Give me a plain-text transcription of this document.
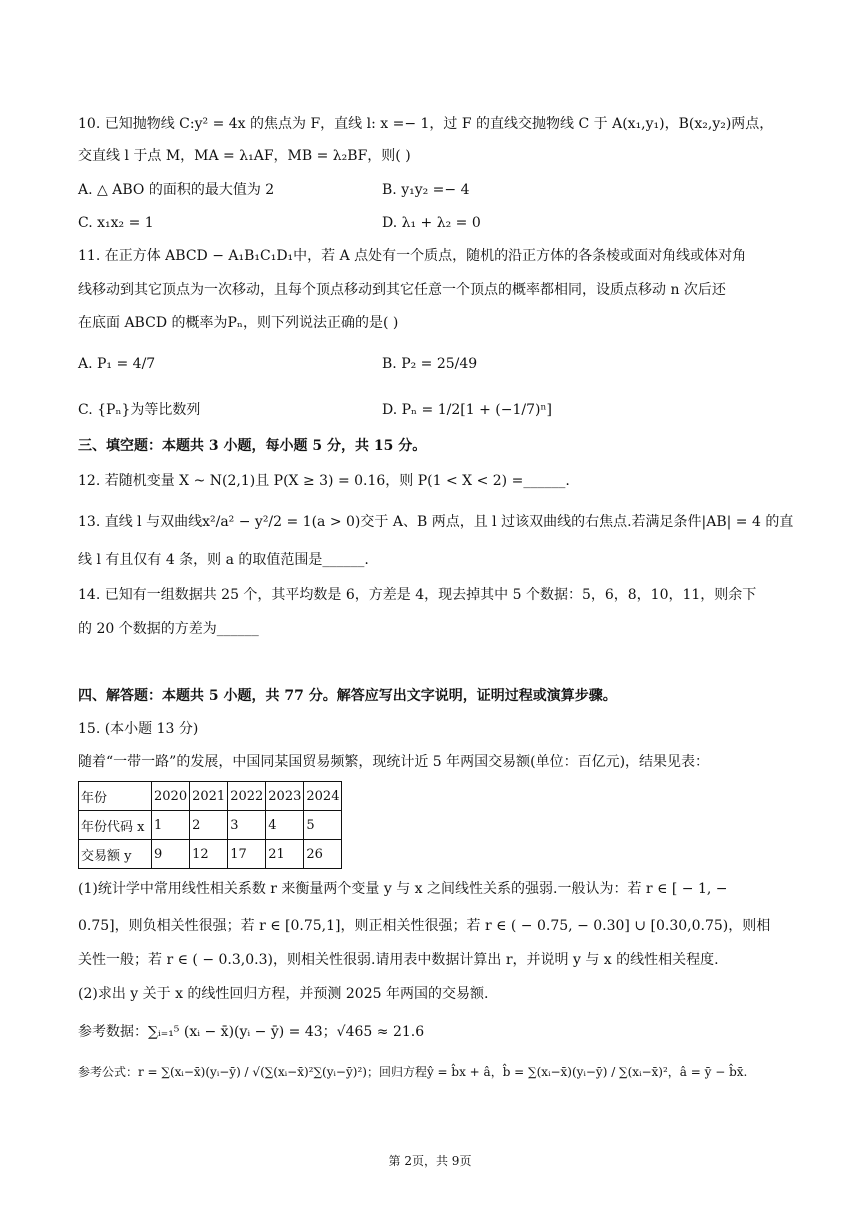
10. 已知抛物线 C:y² = 4x 的焦点为 F，直线 l: x =− 1，过 F 的直线交抛物线 C 于 A(x₁,y₁)，B(x₂,y₂)两点，
交直线 l 于点 M，MA = λ₁AF，MB = λ₂BF，则( )
A. △ ABO 的面积的最大值为 2	B. y₁y₂ =− 4
C. x₁x₂ = 1	D. λ₁ + λ₂ = 0
11. 在正方体 ABCD − A₁B₁C₁D₁中，若 A 点处有一个质点，随机的沿正方体的各条棱或面对角线或体对角
线移动到其它顶点为一次移动，且每个顶点移动到其它任意一个顶点的概率都相同，设质点移动 n 次后还
在底面 ABCD 的概率为Pₙ，则下列说法正确的是( )
A. P₁ = 4/7	B. P₂ = 25/49
C. {Pₙ}为等比数列	D. Pₙ = 1/2[1 + (−1/7)ⁿ]
三、填空题：本题共 3 小题，每小题 5 分，共 15 分。
12. 若随机变量 X ~ N(2,1)且 P(X ≥ 3) = 0.16，则 P(1 < X < 2) =______.
13. 直线 l 与双曲线x²/a² − y²/2 = 1(a > 0)交于 A、B 两点，且 l 过该双曲线的右焦点.若满足条件|AB| = 4 的直
线 l 有且仅有 4 条，则 a 的取值范围是______.
14. 已知有一组数据共 25 个，其平均数是 6，方差是 4，现去掉其中 5 个数据：5，6，8，10，11，则余下
的 20 个数据的方差为______
四、解答题：本题共 5 小题，共 77 分。解答应写出文字说明，证明过程或演算步骤。
15. (本小题 13 分)
随着“一带一路”的发展，中国同某国贸易频繁，现统计近 5 年两国交易额(单位：百亿元)，结果见表：
年份	2020	2021	2022	2023	2024
年份代码 x	1	2	3	4	5
交易额 y	9	12	17	21	26
(1)统计学中常用线性相关系数 r 来衡量两个变量 y 与 x 之间线性关系的强弱.一般认为：若 r ∈ [ − 1, −
0.75]，则负相关性很强；若 r ∈ [0.75,1]，则正相关性很强；若 r ∈ ( − 0.75, − 0.30] ∪ [0.30,0.75)，则相
关性一般；若 r ∈ ( − 0.3,0.3)，则相关性很弱.请用表中数据计算出 r，并说明 y 与 x 的线性相关程度.
(2)求出 y 关于 x 的线性回归方程，并预测 2025 年两国的交易额.
参考数据：∑ᵢ₌₁⁵ (xᵢ − x̄)(yᵢ − ȳ) = 43；√465 ≈ 21.6
参考公式：r = ∑(xᵢ−x̄)(yᵢ−ȳ) / √(∑(xᵢ−x̄)²∑(yᵢ−ȳ)²)；回归方程ŷ = b̂x + â，b̂ = ∑(xᵢ−x̄)(yᵢ−ȳ) / ∑(xᵢ−x̄)²，â = ȳ − b̂x̄.
第 2页，共 9页
